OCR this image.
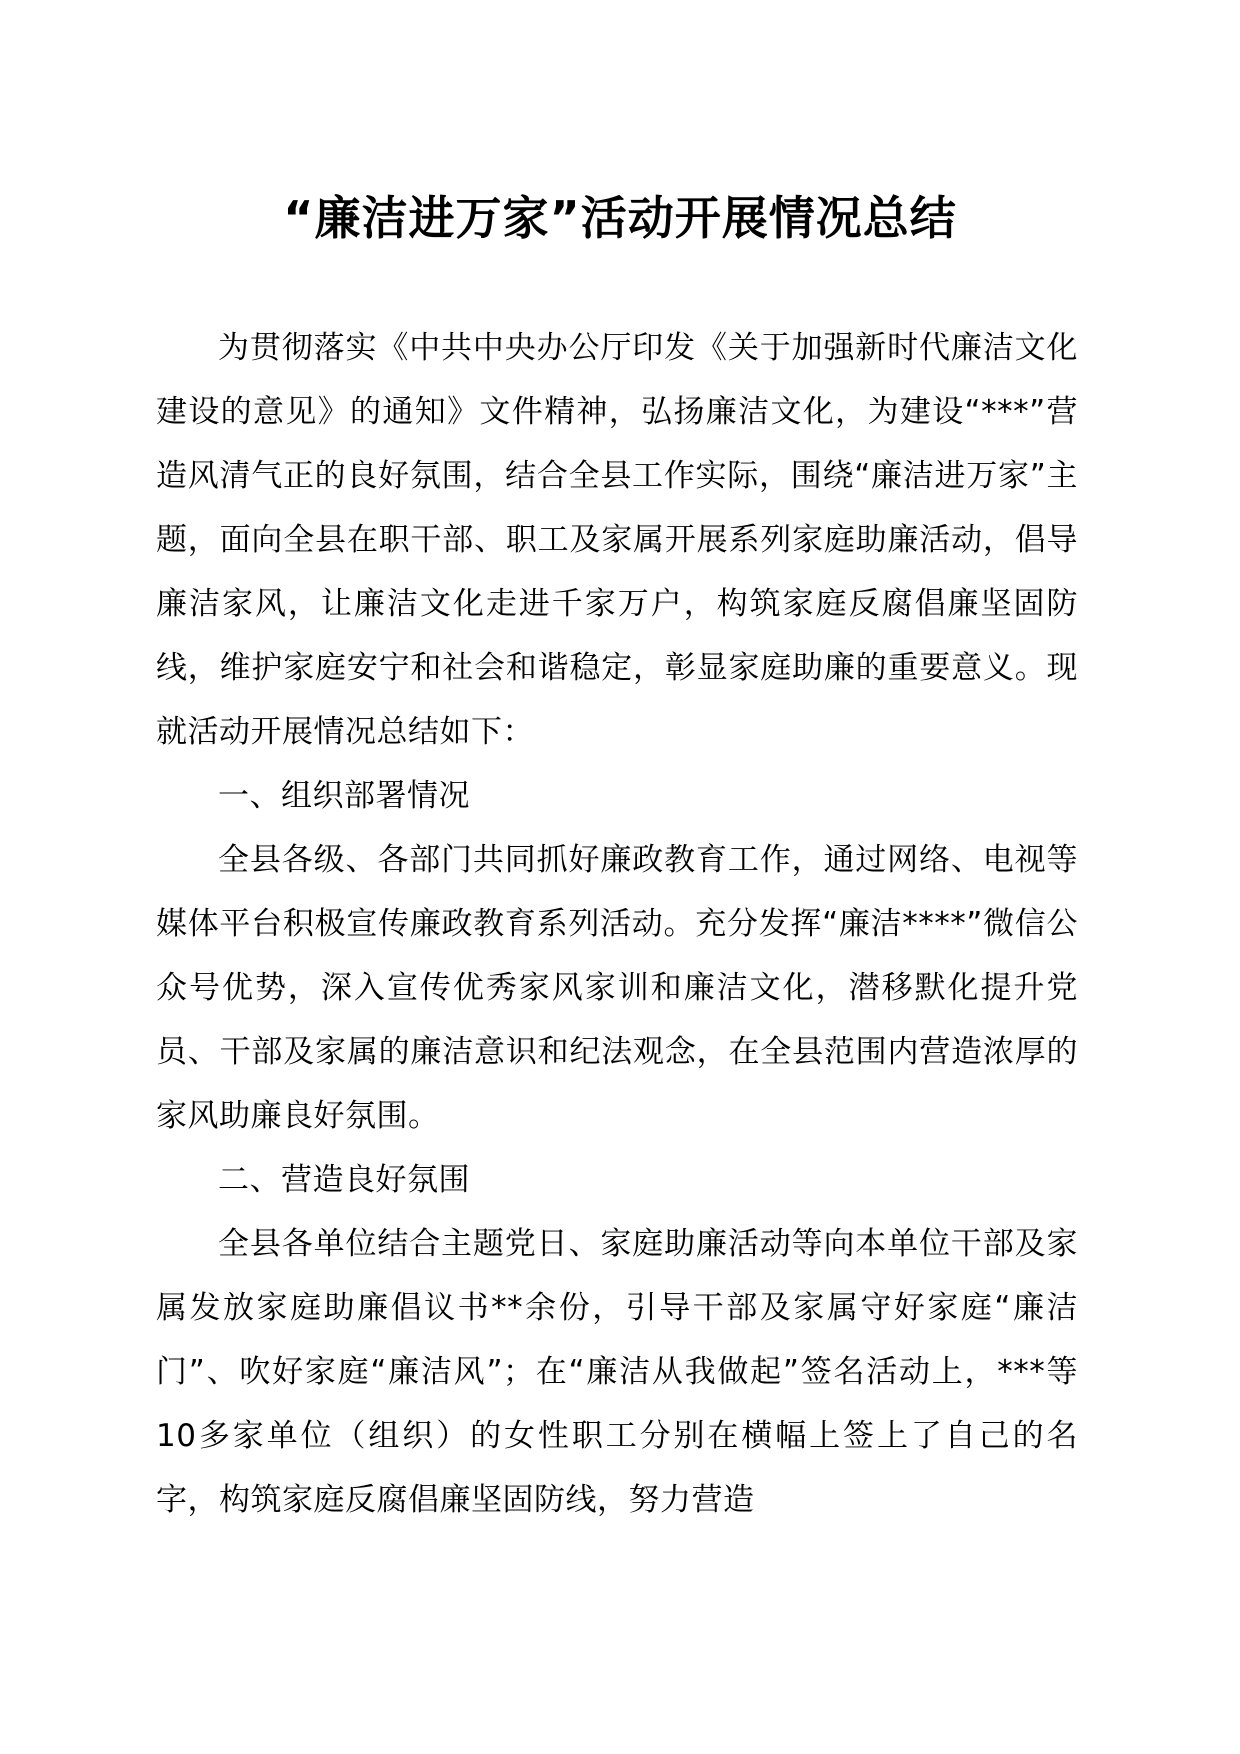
“廉洁进万家”活动开展情况总结

为贯彻落实《中共中央办公厅印发《关于加强新时代廉洁文化建设的意见》的通知》文件精神，弘扬廉洁文化，为建设“***”营造风清气正的良好氛围，结合全县工作实际，围绕“廉洁进万家”主题，面向全县在职干部、职工及家属开展系列家庭助廉活动，倡导廉洁家风，让廉洁文化走进千家万户，构筑家庭反腐倡廉坚固防线，维护家庭安宁和社会和谐稳定，彰显家庭助廉的重要意义。现就活动开展情况总结如下：

一、组织部署情况

全县各级、各部门共同抓好廉政教育工作，通过网络、电视等媒体平台积极宣传廉政教育系列活动。充分发挥“廉洁****”微信公众号优势，深入宣传优秀家风家训和廉洁文化，潜移默化提升党员、干部及家属的廉洁意识和纪法观念，在全县范围内营造浓厚的家风助廉良好氛围。

二、营造良好氛围

全县各单位结合主题党日、家庭助廉活动等向本单位干部及家属发放家庭助廉倡议书**余份，引导干部及家属守好家庭“廉洁门”、吹好家庭“廉洁风”；在“廉洁从我做起”签名活动上，***等10多家单位（组织）的女性职工分别在横幅上签上了自己的名字，构筑家庭反腐倡廉坚固防线，努力营造
